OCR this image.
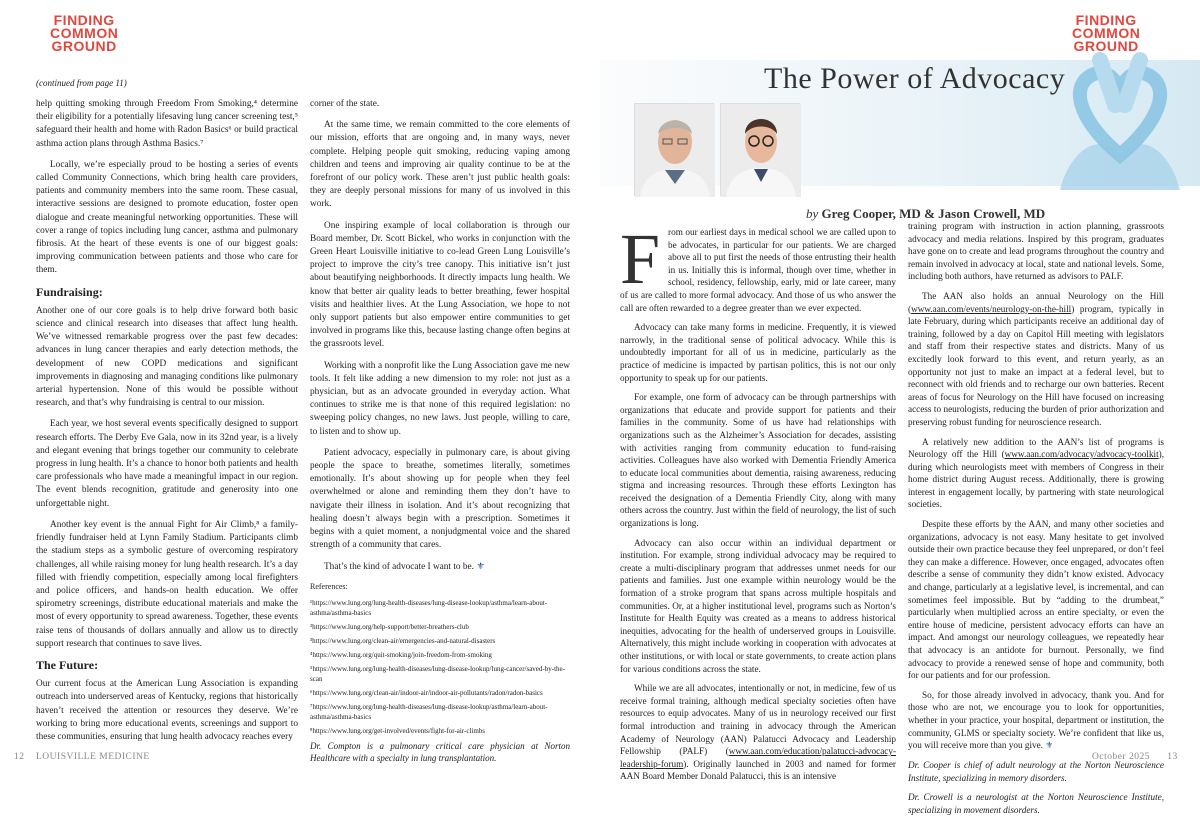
FINDING
COMMON
GROUND
(continued from page 11)

help quitting smoking through Freedom From Smoking,⁴ determine their eligibility for a potentially lifesaving lung cancer screening test,⁵ safeguard their health and home with Radon Basics⁶ or build practical asthma action plans through Asthma Basics.⁷

Locally, we’re especially proud to be hosting a series of events called Community Connections, which bring health care providers, patients and community members into the same room. These casual, interactive sessions are designed to promote education, foster open dialogue and create meaningful networking opportunities. These will cover a range of topics including lung cancer, asthma and pulmonary fibrosis. At the heart of these events is one of our biggest goals: improving communication between patients and those who care for them.

Fundraising:

Another one of our core goals is to help drive forward both basic science and clinical research into diseases that affect lung health. We’ve witnessed remarkable progress over the past few decades: advances in lung cancer therapies and early detection methods, the development of new COPD medications and significant improvements in diagnosing and managing conditions like pulmonary arterial hypertension. None of this would be possible without research, and that’s why fundraising is central to our mission.

Each year, we host several events specifically designed to support research efforts. The Derby Eve Gala, now in its 32nd year, is a lively and elegant evening that brings together our community to celebrate progress in lung health. It’s a chance to honor both patients and health care professionals who have made a meaningful impact in our region. The event blends recognition, gratitude and generosity into one unforgettable night.

Another key event is the annual Fight for Air Climb,⁸ a family-friendly fundraiser held at Lynn Family Stadium. Participants climb the stadium steps as a symbolic gesture of overcoming respiratory challenges, all while raising money for lung health research. It’s a day filled with friendly competition, especially among local firefighters and police officers, and hands-on health education. We offer spirometry screenings, distribute educational materials and make the most of every opportunity to spread awareness. Together, these events raise tens of thousands of dollars annually and allow us to directly support research that continues to save lives.

The Future:

Our current focus at the American Lung Association is expanding outreach into underserved areas of Kentucky, regions that historically haven’t received the attention or resources they deserve. We’re working to bring more educational events, screenings and support to these communities, ensuring that lung health advocacy reaches every

corner of the state.

At the same time, we remain committed to the core elements of our mission, efforts that are ongoing and, in many ways, never complete. Helping people quit smoking, reducing vaping among children and teens and improving air quality continue to be at the forefront of our policy work. These aren’t just public health goals: they are deeply personal missions for many of us involved in this work.

One inspiring example of local collaboration is through our Board member, Dr. Scott Bickel, who works in conjunction with the Green Heart Louisville initiative to co-lead Green Lung Louisville’s project to improve the city’s tree canopy. This initiative isn’t just about beautifying neighborhoods. It directly impacts lung health. We know that better air quality leads to better breathing, fewer hospital visits and healthier lives. At the Lung Association, we hope to not only support patients but also empower entire communities to get involved in programs like this, because lasting change often begins at the grassroots level.

Working with a nonprofit like the Lung Association gave me new tools. It felt like adding a new dimension to my role: not just as a physician, but as an advocate grounded in everyday action. What continues to strike me is that none of this required legislation: no sweeping policy changes, no new laws. Just people, willing to care, to listen and to show up.

Patient advocacy, especially in pulmonary care, is about giving people the space to breathe, sometimes literally, sometimes emotionally. It’s about showing up for people when they feel overwhelmed or alone and reminding them they don’t have to navigate their illness in isolation. And it’s about recognizing that healing doesn’t always begin with a prescription. Sometimes it begins with a quiet moment, a nonjudgmental voice and the shared strength of a community that cares.

That’s the kind of advocate I want to be. ⚜

References:
¹https://www.lung.org/lung-health-diseases/lung-disease-lookup/asthma/learn-about-asthma/asthma-basics
²https://www.lung.org/help-support/better-breathers-club
³https://www.lung.org/clean-air/emergencies-and-natural-disasters
⁴https://www.lung.org/quit-smoking/join-freedom-from-smoking
⁵https://www.lung.org/lung-health-diseases/lung-disease-lookup/lung-cancer/saved-by-the-scan
⁶https://www.lung.org/clean-air/indoor-air/indoor-air-pollutants/radon/radon-basics
⁷https://www.lung.org/lung-health-diseases/lung-disease-lookup/asthma/learn-about-asthma/asthma-basics
⁸https://www.lung.org/get-involved/events/fight-for-air-climbs

Dr. Compton is a pulmonary critical care physician at Norton Healthcare with a specialty in lung transplantation.

12 LOUISVILLE MEDICINE
FINDING
COMMON
GROUND
The Power of Advocacy
by Greg Cooper, MD & Jason Crowell, MD

From our earliest days in medical school we are called upon to be advocates, in particular for our patients. We are charged above all to put first the needs of those entrusting their health in us. Initially this is informal, though over time, whether in school, residency, fellowship, early, mid or late career, many of us are called to more formal advocacy. And those of us who answer the call are often rewarded to a degree greater than we ever expected.

Advocacy can take many forms in medicine. Frequently, it is viewed narrowly, in the traditional sense of political advocacy. While this is undoubtedly important for all of us in medicine, particularly as the practice of medicine is impacted by partisan politics, this is not our only opportunity to speak up for our patients.

For example, one form of advocacy can be through partnerships with organizations that educate and provide support for patients and their families in the community. Some of us have had relationships with organizations such as the Alzheimer’s Association for decades, assisting with activities ranging from community education to fund-raising activities. Colleagues have also worked with Dementia Friendly America to educate local communities about dementia, raising awareness, reducing stigma and increasing resources. Through these efforts Lexington has received the designation of a Dementia Friendly City, along with many others across the country. Just within the field of neurology, the list of such organizations is long.

Advocacy can also occur within an individual department or institution. For example, strong individual advocacy may be required to create a multi-disciplinary program that addresses unmet needs for our patients and families. Just one example within neurology would be the formation of a stroke program that spans across multiple hospitals and communities. Or, at a higher institutional level, programs such as Norton’s Institute for Health Equity was created as a means to address historical inequities, advocating for the health of underserved groups in Louisville. Alternatively, this might include working in cooperation with advocates at other institutions, or with local or state governments, to create action plans for various conditions across the state.

While we are all advocates, intentionally or not, in medicine, few of us receive formal training, although medical specialty societies often have resources to equip advocates. Many of us in neurology received our first formal introduction and training in advocacy through the American Academy of Neurology (AAN) Palatucci Advocacy and Leadership Fellowship (PALF) (www.aan.com/education/palatucci-advocacy-leadership-forum). Originally launched in 2003 and named for former AAN Board Member Donald Palatucci, this is an intensive

training program with instruction in action planning, grassroots advocacy and media relations. Inspired by this program, graduates have gone on to create and lead programs throughout the country and remain involved in advocacy at local, state and national levels. Some, including both authors, have returned as advisors to PALF.

The AAN also holds an annual Neurology on the Hill (www.aan.com/events/neurology-on-the-hill) program, typically in late February, during which participants receive an additional day of training, followed by a day on Capitol Hill meeting with legislators and staff from their respective states and districts. Many of us excitedly look forward to this event, and return yearly, as an opportunity not just to make an impact at a federal level, but to reconnect with old friends and to recharge our own batteries. Recent areas of focus for Neurology on the Hill have focused on increasing access to neurologists, reducing the burden of prior authorization and preserving robust funding for neuroscience research.

A relatively new addition to the AAN’s list of programs is Neurology off the Hill (www.aan.com/advocacy/advocacy-toolkit), during which neurologists meet with members of Congress in their home district during August recess. Additionally, there is growing interest in engagement locally, by partnering with state neurological societies.

Despite these efforts by the AAN, and many other societies and organizations, advocacy is not easy. Many hesitate to get involved outside their own practice because they feel unprepared, or don’t feel they can make a difference. However, once engaged, advocates often describe a sense of community they didn’t know existed. Advocacy and change, particularly at a legislative level, is incremental, and can sometimes feel impossible. But by “adding to the drumbeat,” particularly when multiplied across an entire specialty, or even the entire house of medicine, persistent advocacy efforts can have an impact. And amongst our neurology colleagues, we repeatedly hear that advocacy is an antidote for burnout. Personally, we find advocacy to provide a renewed sense of hope and community, both for our patients and for our profession.

So, for those already involved in advocacy, thank you. And for those who are not, we encourage you to look for opportunities, whether in your practice, your hospital, department or institution, the community, GLMS or specialty society. We’re confident that like us, you will receive more than you give. ⚜

Dr. Cooper is chief of adult neurology at the Norton Neuroscience Institute, specializing in memory disorders.

Dr. Crowell is a neurologist at the Norton Neuroscience Institute, specializing in movement disorders.

October 2025 13
